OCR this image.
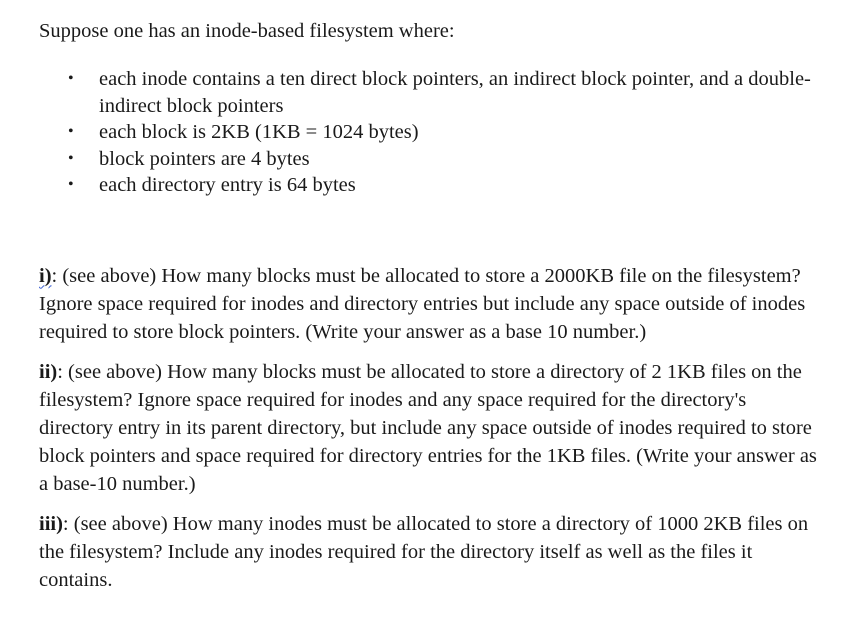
Suppose one has an inode-based filesystem where:

• each inode contains a ten direct block pointers, an indirect block pointer, and a double-indirect block pointers
• each block is 2KB (1KB = 1024 bytes)
• block pointers are 4 bytes
• each directory entry is 64 bytes

i): (see above) How many blocks must be allocated to store a 2000KB file on the filesystem? Ignore space required for inodes and directory entries but include any space outside of inodes required to store block pointers. (Write your answer as a base 10 number.)

ii): (see above) How many blocks must be allocated to store a directory of 2 1KB files on the filesystem? Ignore space required for inodes and any space required for the directory's directory entry in its parent directory, but include any space outside of inodes required to store block pointers and space required for directory entries for the 1KB files. (Write your answer as a base-10 number.)

iii): (see above) How many inodes must be allocated to store a directory of 1000 2KB files on the filesystem? Include any inodes required for the directory itself as well as the files it contains.
